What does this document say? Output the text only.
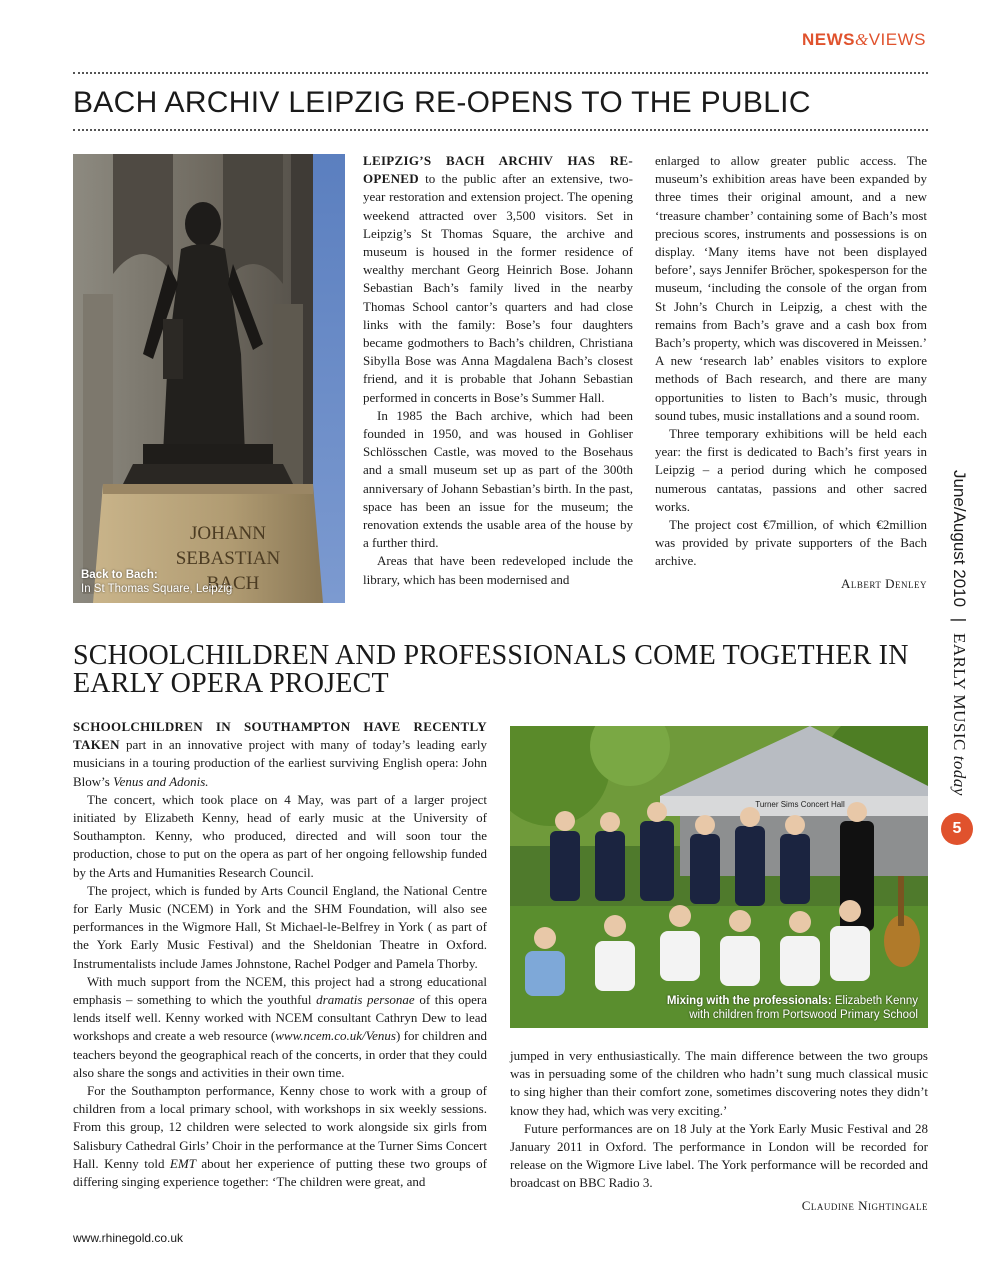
NEWS&VIEWS
BACH ARCHIV LEIPZIG RE-OPENS TO THE PUBLIC
JOHANN
SEBASTIAN
BACH
Back to Bach:
In St Thomas Square, Leipzig

LEIPZIG’S BACH ARCHIV HAS RE-OPENED to the public after an extensive, two-year restoration and extension project. The opening weekend attracted over 3,500 visitors. Set in Leipzig’s St Thomas Square, the archive and museum is housed in the former residence of wealthy merchant Georg Heinrich Bose. Johann Sebastian Bach’s family lived in the nearby Thomas School cantor’s quarters and had close links with the family: Bose’s four daughters became godmothers to Bach’s children, Christiana Sibylla Bose was Anna Magdalena Bach’s closest friend, and it is probable that Johann Sebastian performed in concerts in Bose’s Summer Hall.

In 1985 the Bach archive, which had been founded in 1950, and was housed in Gohliser Schlösschen Castle, was moved to the Bosehaus and a small museum set up as part of the 300th anniversary of Johann Sebastian’s birth. In the past, space has been an issue for the museum; the renovation extends the usable area of the house by a further third.

Areas that have been redeveloped include the library, which has been modernised and

enlarged to allow greater public access. The museum’s exhibition areas have been expanded by three times their original amount, and a new ‘treasure chamber’ containing some of Bach’s most precious scores, instruments and possessions is on display. ‘Many items have not been displayed before’, says Jennifer Bröcher, spokesperson for the museum, ‘including the console of the organ from St John’s Church in Leipzig, a chest with the remains from Bach’s grave and a cash box from Bach’s property, which was discovered in Meissen.’ A new ‘research lab’ enables visitors to explore methods of Bach research, and there are many opportunities to listen to Bach’s music, through sound tubes, music installations and a sound room.

Three temporary exhibitions will be held each year: the first is dedicated to Bach’s first years in Leipzig – a period during which he composed numerous cantatas, passions and other sacred works.

The project cost €7million, of which €2million was provided by private supporters of the Bach archive.

Albert Denley
SCHOOLCHILDREN AND PROFESSIONALS COME TOGETHER IN
EARLY OPERA PROJECT

SCHOOLCHILDREN IN SOUTHAMPTON HAVE RECENTLY TAKEN part in an innovative project with many of today’s leading early musicians in a touring production of the earliest surviving English opera: John Blow’s Venus and Adonis.

The concert, which took place on 4 May, was part of a larger project initiated by Elizabeth Kenny, head of early music at the University of Southampton. Kenny, who produced, directed and will soon tour the production, chose to put on the opera as part of her ongoing fellowship funded by the Arts and Humanities Research Council.

The project, which is funded by Arts Council England, the National Centre for Early Music (NCEM) in York and the SHM Foundation, will also see performances in the Wigmore Hall, St Michael-le-Belfrey in York ( as part of the York Early Music Festival) and the Sheldonian Theatre in Oxford. Instrumentalists include James Johnstone, Rachel Podger and Pamela Thorby.

With much support from the NCEM, this project had a strong educational emphasis – something to which the youthful dramatis personae of this opera lends itself well. Kenny worked with NCEM consultant Cathryn Dew to lead workshops and create a web resource (www.ncem.co.uk/Venus) for children and teachers beyond the geographical reach of the concerts, in order that they could also share the songs and activities in their own time.

For the Southampton performance, Kenny chose to work with a group of children from a local primary school, with workshops in six weekly sessions. From this group, 12 children were selected to work alongside six girls from Salisbury Cathedral Girls’ Choir in the performance at the Turner Sims Concert Hall. Kenny told EMT about her experience of putting these two groups of differing singing experience together: ‘The children were great, and

Turner Sims Concert Hall
Mixing with the professionals: Elizabeth Kenny
with children from Portswood Primary School

jumped in very enthusiastically. The main difference between the two groups was in persuading some of the children who hadn’t sung much classical music to sing higher than their comfort zone, sometimes discovering notes they didn’t know they had, which was very exciting.’

Future performances are on 18 July at the York Early Music Festival and 28 January 2011 in Oxford. The performance in London will be recorded for release on the Wigmore Live label. The York performance will be recorded and broadcast on BBC Radio 3.

Claudine Nightingale
June/August 2010 | EARLY MUSIC today
5
www.rhinegold.co.uk
